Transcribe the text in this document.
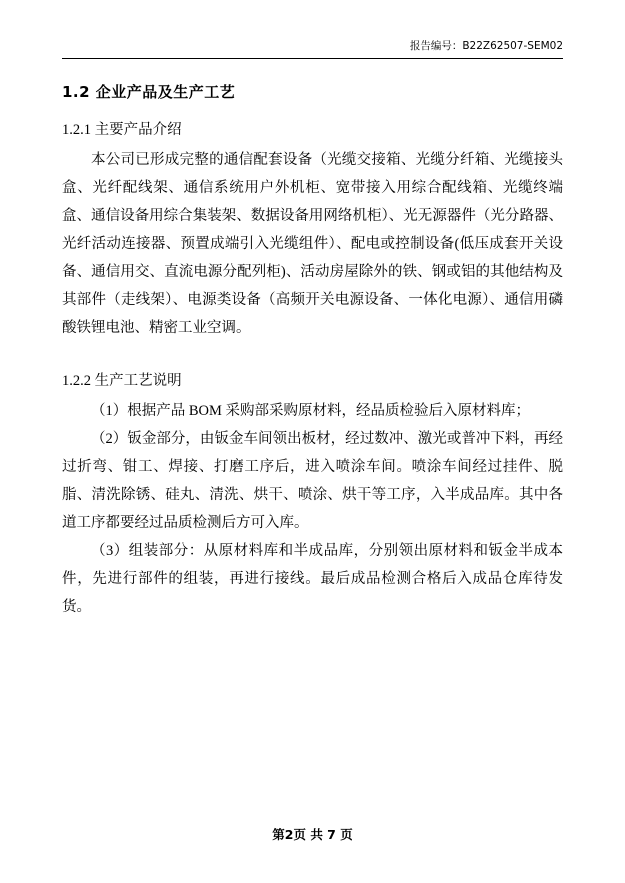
报告编号：B22Z62507-SEM02
1.2 企业产品及生产工艺
1.2.1 主要产品介绍

本公司已形成完整的通信配套设备（光缆交接箱、光缆分纤箱、光缆接头盒、光纤配线架、通信系统用户外机柜、宽带接入用综合配线箱、光缆终端盒、通信设备用综合集装架、数据设备用网络机柜）、光无源器件（光分路器、光纤活动连接器、预置成端引入光缆组件）、配电或控制设备(低压成套开关设备、通信用交、直流电源分配列柜)、活动房屋除外的铁、钢或铝的其他结构及其部件（走线架）、电源类设备（高频开关电源设备、一体化电源）、通信用磷酸铁锂电池、精密工业空调。

1.2.2 生产工艺说明

（1）根据产品 BOM 采购部采购原材料，经品质检验后入原材料库；

（2）钣金部分，由钣金车间领出板材，经过数冲、激光或普冲下料，再经过折弯、钳工、焊接、打磨工序后，进入喷涂车间。喷涂车间经过挂件、脱脂、清洗除锈、硅丸、清洗、烘干、喷涂、烘干等工序，入半成品库。其中各道工序都要经过品质检测后方可入库。

（3）组装部分：从原材料库和半成品库，分别领出原材料和钣金半成本件，先进行部件的组装，再进行接线。最后成品检测合格后入成品仓库待发货。

第2页 共 7 页
